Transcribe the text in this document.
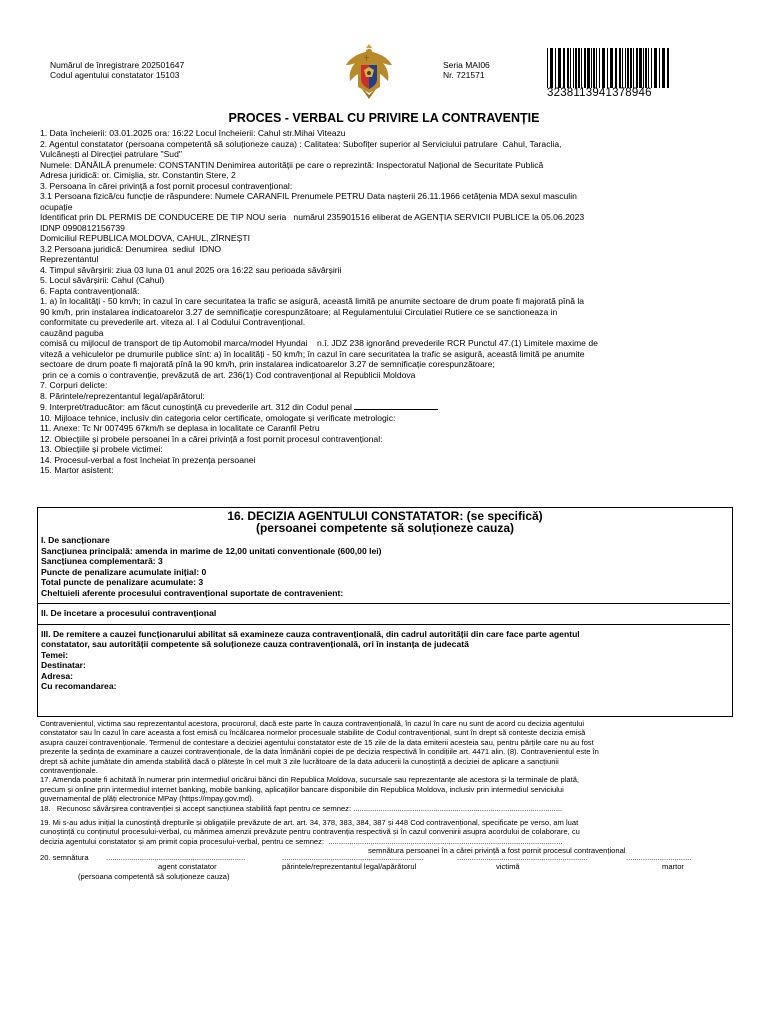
Numărul de înregistrare 202501647
Codul agentului constatator 15103
Seria MAI06
Nr. 721571
3238113941378946
PROCES - VERBAL CU PRIVIRE LA CONTRAVENȚIE

1. Data încheierii: 03.01.2025 ora: 16:22 Locul încheierii: Cahul str.Mihai Viteazu

2. Agentul constatator (persoana competentă să soluționeze cauza) : Calitatea: Subofițer superior al Serviciului patrulare  Cahul, Taraclia,

Vulcănești al Direcției patrulare "Sud"

Numele: DĂNĂILĂ prenumele: CONSTANTIN Denimirea autorității pe care o reprezintă: Inspectoratul Național de Securitate Publică

Adresa juridică: or. Cimișlia, str. Constantin Stere, 2

3. Persoana în cărei privință a fost pornit procesul contravențional:

3.1 Persoana fizică/cu funcție de răspundere: Numele CARANFIL Prenumele PETRU Data nașterii 26.11.1966 cetățenia MDA sexul masculin

ocupație

Identificat prin DL PERMIS DE CONDUCERE DE TIP NOU seria   numărul 235901516 eliberat de AGENȚIA SERVICII PUBLICE la 05.06.2023

IDNP 0990812156739

Domiciliul REPUBLICA MOLDOVA, CAHUL, ZÎRNEȘTI

3.2 Persoana juridică: Denumirea  sediul  IDNO

Reprezentantul

4. Timpul săvârșirii: ziua 03 luna 01 anul 2025 ora 16:22 sau perioada săvârșirii

5. Locul săvârșirii: Cahul (Cahul)

6. Fapta contravențională:

1. a) în localități - 50 km/h; în cazul în care securitatea la trafic se asigură, această limită pe anumite sectoare de drum poate fi majorată pînă la

90 km/h, prin instalarea indicatoarelor 3.27 de semnificație corespunzătoare; al Regulamentului Circulatiei Rutiere ce se sanctioneaza in

conformitate cu prevederile art. viteza al. I al Codului Contravențional.

cauzând paguba

comisă cu mijlocul de transport de tip Automobil marca/model Hyundai    n.î. JDZ 238 ignorând prevederile RCR Punctul 47.(1) Limitele maxime de

viteză a vehiculelor pe drumurile publice sînt: a) în localități - 50 km/h; în cazul în care securitatea la trafic se asigură, această limită pe anumite

sectoare de drum poate fi majorată pînă la 90 km/h, prin instalarea indicatoarelor 3.27 de semnificație corespunzătoare;

prin ce a comis o contravenție, prevăzută de art. 236(1) Cod contravențional al Republicii Moldova

7. Corpuri delicte:

8. Părintele/reprezentantul legal/apărătorul:

9. Interpret/traducător: am făcut cunoștință cu prevederile art. 312 din Codul penal

10. Mijloace tehnice, inclusiv din categoria celor certificate, omologate și verificate metrologic:

11. Anexe: Tc Nr 007495 67km/h se deplasa in localitate ce Caranfil Petru

12. Obiecțiile și probele persoanei în a cărei privință a fost pornit procesul contravențional:

13. Obiecțiile și probele victimei:

14. Procesul-verbal a fost încheiat în prezența persoanei

15. Martor asistent:

16. DECIZIA AGENTULUI CONSTATATOR: (se specifică)
(persoanei competente să soluționeze cauza)

I. De sancționare

Sancțiunea principală: amenda in marime de 12,00 unitati conventionale (600,00 lei)

Sancțiunea complementară: 3

Puncte de penalizare acumulate inițial: 0

Total puncte de penalizare acumulate: 3

Cheltuieli aferente procesului contravențional suportate de contravenient:

II. De încetare a procesului contravențional

III. De remitere a cauzei funcționarului abilitat să examineze cauza contravențională, din cadrul autorității din care face parte agentul

constatator, sau autorității competente să soluționeze cauza contravențională, ori în instanța de judecată

Temei:

Destinatar:

Adresa:

Cu recomandarea:

Contravenientul, victima sau reprezentantul acestora, procurorul, dacă este parte în cauza contravențională, în cazul în care nu sunt de acord cu decizia agentului

constatator sau în cazul în care aceasta a fost emisă cu încălcarea normelor procesuale stabilite de Codul contravențional, sunt în drept să conteste decizia emisă

asupra cauzei contravenționale. Termenul de contestare a deciziei agentului constatator este de 15 zile de la data emiterii acesteia sau, pentru părțile care nu au fost

prezente la ședința de examinare a cauzei contravenționale, de la data înmânării copiei de pe decizia respectivă în condițiile art. 4471 alin. (8). Contravenientul este în

drept să achite jumătate din amenda stabilită dacă o plătește în cel mult 3 zile lucrătoare de la data aducerii la cunoștință a deciziei de aplicare a sancțiunii

contravenționale.

17. Amenda poate fi achitată în numerar prin intermediul oricărui bănci din Republica Moldova, sucursale sau reprezentanțe ale acestora și la terminale de plată,

precum și online prin intermediul internet banking, mobile banking, aplicațiilor bancare disponibile din Republica Moldova, inclusiv prin intermediul serviciului

guvernamental de plăți electronice MPay (https://mpay.gov.md).

18.   Recunosc săvârșirea contravenției și accept sancțiunea stabilită fapt pentru ce semnez: ...................................................................................................

19. Mi s-au adus inițial la cunoștință drepturile și obligațiile prevăzute de art. art. 34, 378, 383, 384, 387 și 448 Cod contravențional, specificate pe verso, am luat

cunoștință cu conținutul procesului-verbal, cu mărimea amenzii prevăzute pentru contravenția respectivă și în cazul convenirii asupra acordului de colaborare, cu

decizia agentului constatator și am primit copia procesului-verbal, pentru ce semnez:  ...............................................................................................................

semnătura persoanei în a cărei privință a fost pornit procesul contravențional

20. semnătura ..................................................................	...................................................................	..............................................................	...............................
agent constatator	părintele/reprezentantul legal/apărătorul	victimă	martor
(persoana competentă să soluționeze cauza)
